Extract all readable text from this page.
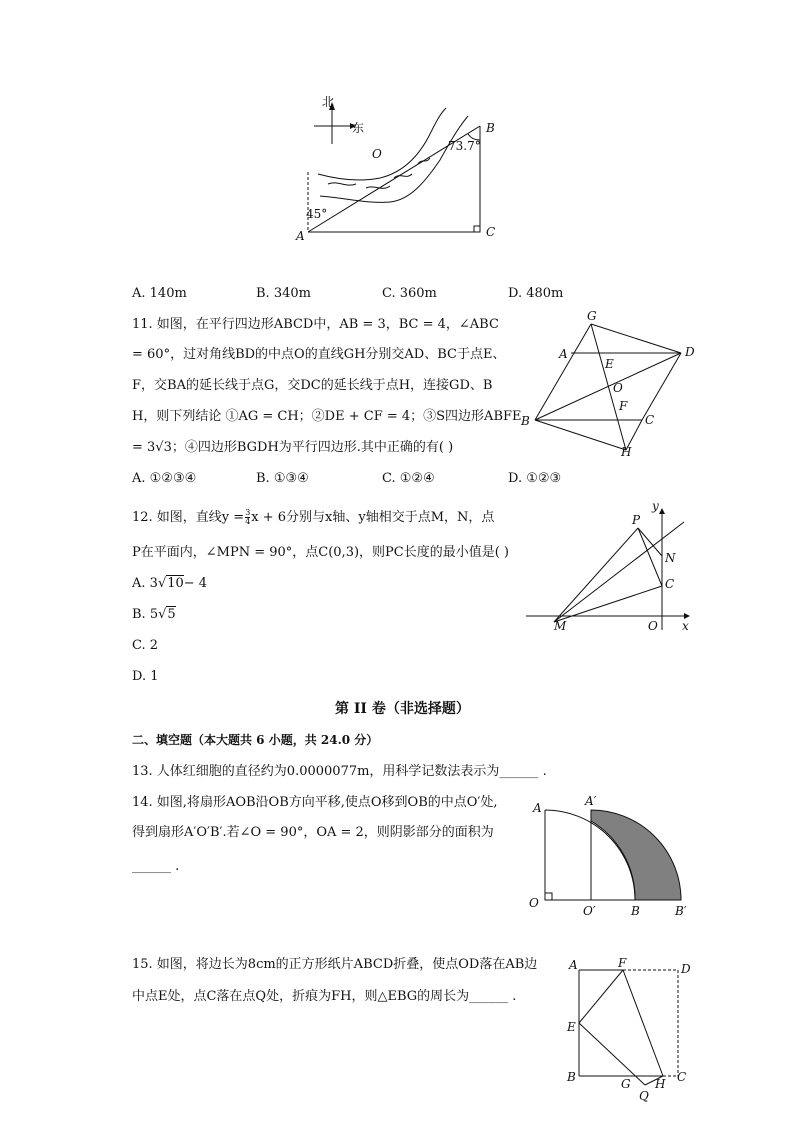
北
东	B
O
A	C
45°
73.7°
A. 140m	B. 340m	C. 360m	D. 480m
11. 如图，在平行四边形ABCD中，AB = 3，BC = 4，∠ABC
= 60°，过对角线BD的中点O的直线GH分别交AD、BC于点E、
F，交BA的延长线于点G，交DC的延长线于点H，连接GD、B
H，则下列结论 ①AG = CH；②DE + CF = 4；③S四边形ABFE
= 3√3；④四边形BGDH为平行四边形.其中正确的有( )
A. ①②③④	B. ①③④	C. ①②④	D. ①②③
G
A
E
D
O
F
B	C
H
12. 如图，直线$y = \frac{3}{4}$ x + 6分别与x轴、y轴相交于点M，N，点
P在平面内，∠MPN = 90°，点C(0,3)，则PC长度的最小值是( )
A. 3√10− 4
B. 5√5
C. 2
D. 1
y
P
N
C
M	O x
第 II 卷（非选择题）
二、填空题（本大题共 6 小题，共 24.0 分）
13. 人体红细胞的直径约为0.0000077m，用科学记数法表示为______ .
14. 如图,将扇形AOB沿OB方向平移,使点O移到OB的中点O′处,
得到扇形A′O′B′.若∠O = 90°，OA = 2，则阴影部分的面积为
______ .
A	A′
O
O′	B	B′
15. 如图，将边长为8cm的正方形纸片ABCD折叠，使点OD落在AB边
中点E处，点C落在点Q处，折痕为FH，则△EBG的周长为______ .
A	F	D
E
B	G H C
Q
